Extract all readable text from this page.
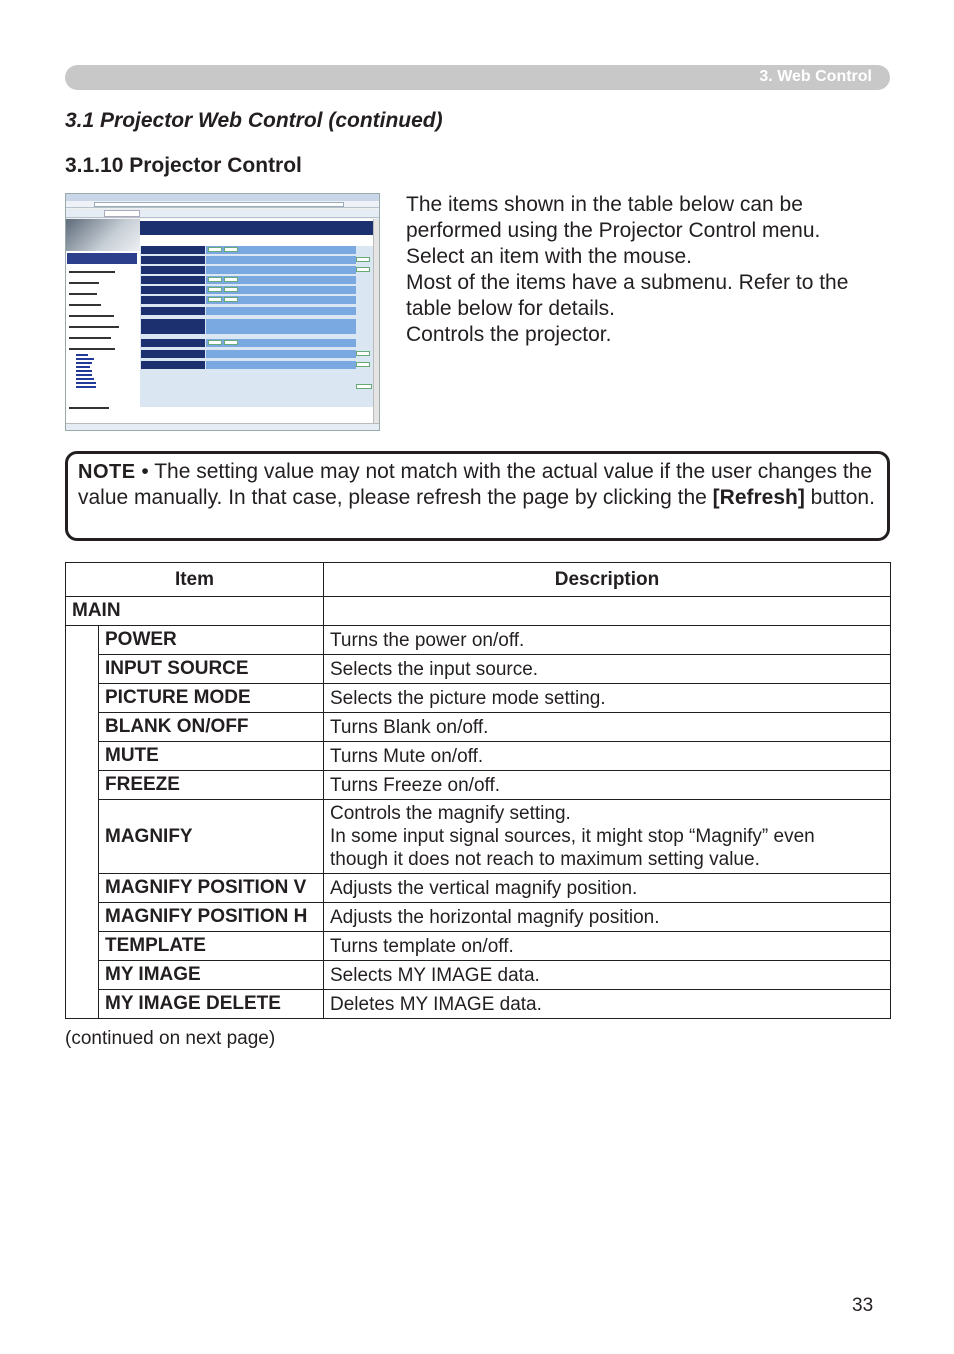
3. Web Control
3.1 Projector Web Control (continued)
3.1.10 Projector Control

The items shown in the table below can be

performed using the Projector Control menu.

Select an item with the mouse.

Most of the items have a submenu. Refer to the

table below for details.

Controls the projector.

NOTE • The setting value may not match with the actual value if the user changes the value manually. In that case, please refresh the page by clicking the [Refresh] button.
Item		Description
MAIN		
	POWER	Turns the power on/off.
	INPUT SOURCE	Selects the input source.
	PICTURE MODE	Selects the picture mode setting.
	BLANK ON/OFF	Turns Blank on/off.
	MUTE	Turns Mute on/off.
	FREEZE	Turns Freeze on/off.
	MAGNIFY	Controls the magnify setting.
In some input signal sources, it might stop “Magnify” even
though it does not reach to maximum setting value.

	MAGNIFY POSITION V	Adjusts the vertical magnify position.
	MAGNIFY POSITION H	Adjusts the horizontal magnify position.
	TEMPLATE	Turns template on/off.
	MY IMAGE	Selects MY IMAGE data.
	MY IMAGE DELETE	Deletes MY IMAGE data.
(continued on next page)
33
